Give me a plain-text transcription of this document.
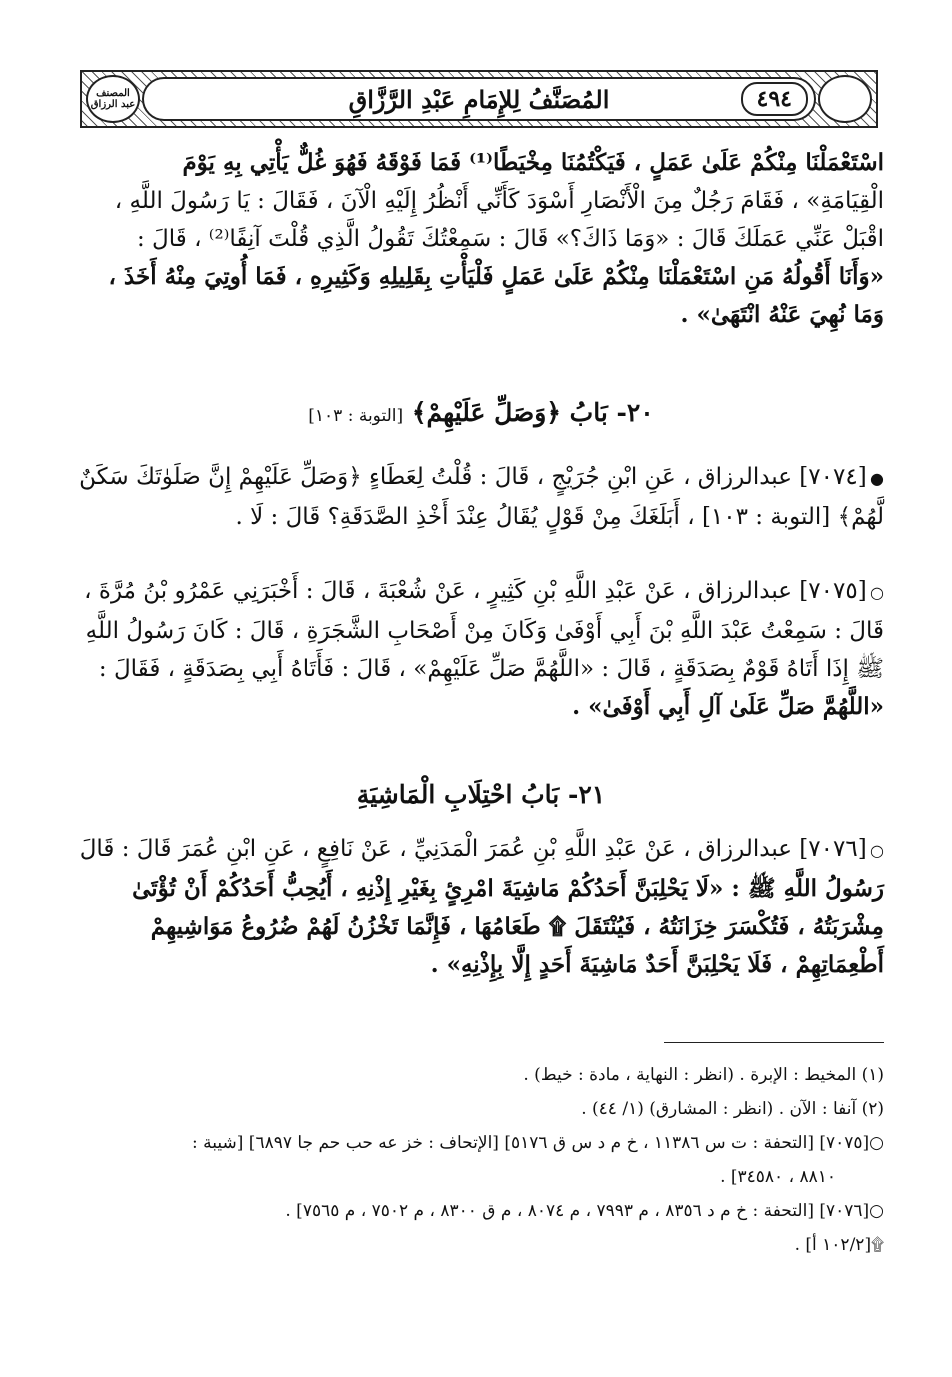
المصنف عبد الرزاق	المُصَنَّفُ لِلإِمَامِ عَبْدِ الرَّزَّاقِ	٤٩٤

اسْتَعْمَلْنَا مِنْكُمْ عَلَىٰ عَمَلٍ ، فَيَكْتُمُنَا مِخْيَطًا⁽¹⁾ فَمَا فَوْقَهُ فَهُوَ غُلٌّ يَأْتِي بِهِ يَوْمَ

الْقِيَامَةِ» ، فَقَامَ رَجُلٌ مِنَ الْأَنْصَارِ أَسْوَدَ كَأَنِّي أَنْظُرُ إِلَيْهِ الْآنَ ، فَقَالَ : يَا رَسُولَ اللَّهِ ،

اقْبَلْ عَنِّي عَمَلَكَ قَالَ : «وَمَا ذَاكَ؟» قَالَ : سَمِعْتُكَ تَقُولُ الَّذِي قُلْتَ آنِفًا⁽²⁾ ، قَالَ :

«وَأَنَا أَقُولُهُ مَنِ اسْتَعْمَلْنَا مِنْكُمْ عَلَىٰ عَمَلٍ فَلْيَأْتِ بِقَلِيلِهِ وَكَثِيرِهِ ، فَمَا أُوتِيَ مِنْهُ أَخَذَ ،

وَمَا نُهِيَ عَنْهُ انْتَهَىٰ» .

٢٠- بَابُ ﴿وَصَلِّ عَلَيْهِمْ﴾ [التوبة : ١٠٣]

● [٧٠٧٤] عبدالرزاق ، عَنِ ابْنِ جُرَيْجٍ ، قَالَ : قُلْتُ لِعَطَاءٍ ﴿وَصَلِّ عَلَيْهِمْ إِنَّ صَلَوٰتَكَ سَكَنٌ

لَّهُمْ﴾ [التوبة : ١٠٣] ، أَبَلَغَكَ مِنْ قَوْلٍ يُقَالُ عِنْدَ أَخْذِ الصَّدَقَةِ؟ قَالَ : لَا .

○ [٧٠٧٥] عبدالرزاق ، عَنْ عَبْدِ اللَّهِ بْنِ كَثِيرٍ ، عَنْ شُعْبَةَ ، قَالَ : أَخْبَرَنِي عَمْرُو بْنُ مُرَّةَ ،

قَالَ : سَمِعْتُ عَبْدَ اللَّهِ بْنَ أَبِي أَوْفَىٰ وَكَانَ مِنْ أَصْحَابِ الشَّجَرَةِ ، قَالَ : كَانَ رَسُولُ اللَّهِ

ﷺ إِذَا أَتَاهُ قَوْمٌ بِصَدَقَةٍ ، قَالَ : «اللَّهُمَّ صَلِّ عَلَيْهِمْ» ، قَالَ : فَأَتَاهُ أَبِي بِصَدَقَةٍ ، فَقَالَ :

«اللَّهُمَّ صَلِّ عَلَىٰ آلِ أَبِي أَوْفَىٰ» .

٢١- بَابُ احْتِلَابِ الْمَاشِيَةِ

○ [٧٠٧٦] عبدالرزاق ، عَنْ عَبْدِ اللَّهِ بْنِ عُمَرَ الْمَدَنِيِّ ، عَنْ نَافِعٍ ، عَنِ ابْنِ عُمَرَ قَالَ : قَالَ

رَسُولُ اللَّهِ ﷺ : «لَا يَحْلِبَنَّ أَحَدُكُمْ مَاشِيَةَ امْرِئٍ بِغَيْرِ إِذْنِهِ ، أَيُحِبُّ أَحَدُكُمْ أَنْ تُؤْتَىٰ

مِشْرَبَتُهُ ، فَتُكْسَرَ خِزَانَتُهُ ، فَيُنْتَقَلَ ۩ طَعَامُهَا ، فَإِنَّمَا تَخْزُنُ لَهُمْ ضُرُوعُ مَوَاشِيهِمْ

أَطْعِمَاتِهِمْ ، فَلَا يَحْلِبَنَّ أَحَدٌ مَاشِيَةَ أَحَدٍ إِلَّا بِإِذْنِهِ» .

(١) المخيط : الإبرة . (انظر : النهاية ، مادة : خيط) .
(٢) آنفا : الآن . (انظر : المشارق) (١/ ٤٤) .
○[٧٠٧٥] [التحفة : ت س ١١٣٨٦ ، خ م د س ق ٥١٧٦] [الإتحاف : خز عه حب حم جا ٦٨٩٧] [شيبة :
٨٨١٠ ، ٣٤٥٨٠] .
○[٧٠٧٦] [التحفة : خ م د ٨٣٥٦ ، م ٧٩٩٣ ، م ٨٠٧٤ ، م ق ٨٣٠٠ ، م ٧٥٠٢ ، م ٧٥٦٥] .
۩[١٠٢/٢ أ] .
